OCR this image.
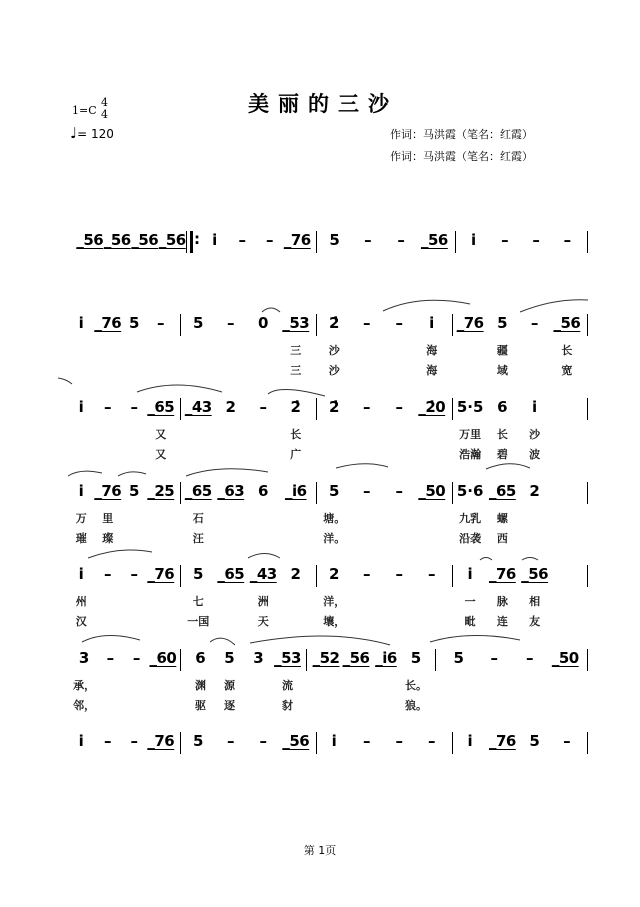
美丽的三沙
1=C
4
4
♩= 120	作词：马洪霞（笔名：红霞）
作词：马洪霞（笔名：红霞）
:
_56 _56 _56 _56 i – – _76 5 – – _56 i – – –
i _76 5 – 5 – 0 _53
三
三
2̇
沙
沙
– – i
海
海
_76 5
疆
域
– _56
长
宽
i – – _65
又
又
_43 2 – 2̇
长
广
2̇ – – _2̇0 5·5
万里
浩瀚
6
长
碧
i
沙
波
i
万
璀
_76
里
璨
5 _25 _65
石
汪
_63 6 _i6 5
塘。
洋。
– – _50 5·6
九乳
沿袭
_65
螺
西
2
i
州
汉
– – _76 5
七
一国
_65 _43
洲
天
2 2
洋，
壤，
– – – i
一
毗
_76
脉
连
_56
相
友
3
承，
邻，
– – _60 6
渊
驱
5
源
逐
3 _53
流
豺
_52 _56 _i6 5
长。
狼。
5 – – _50
i – – _76 5 – – _56 i – – – i _76 5 –
第 1页
